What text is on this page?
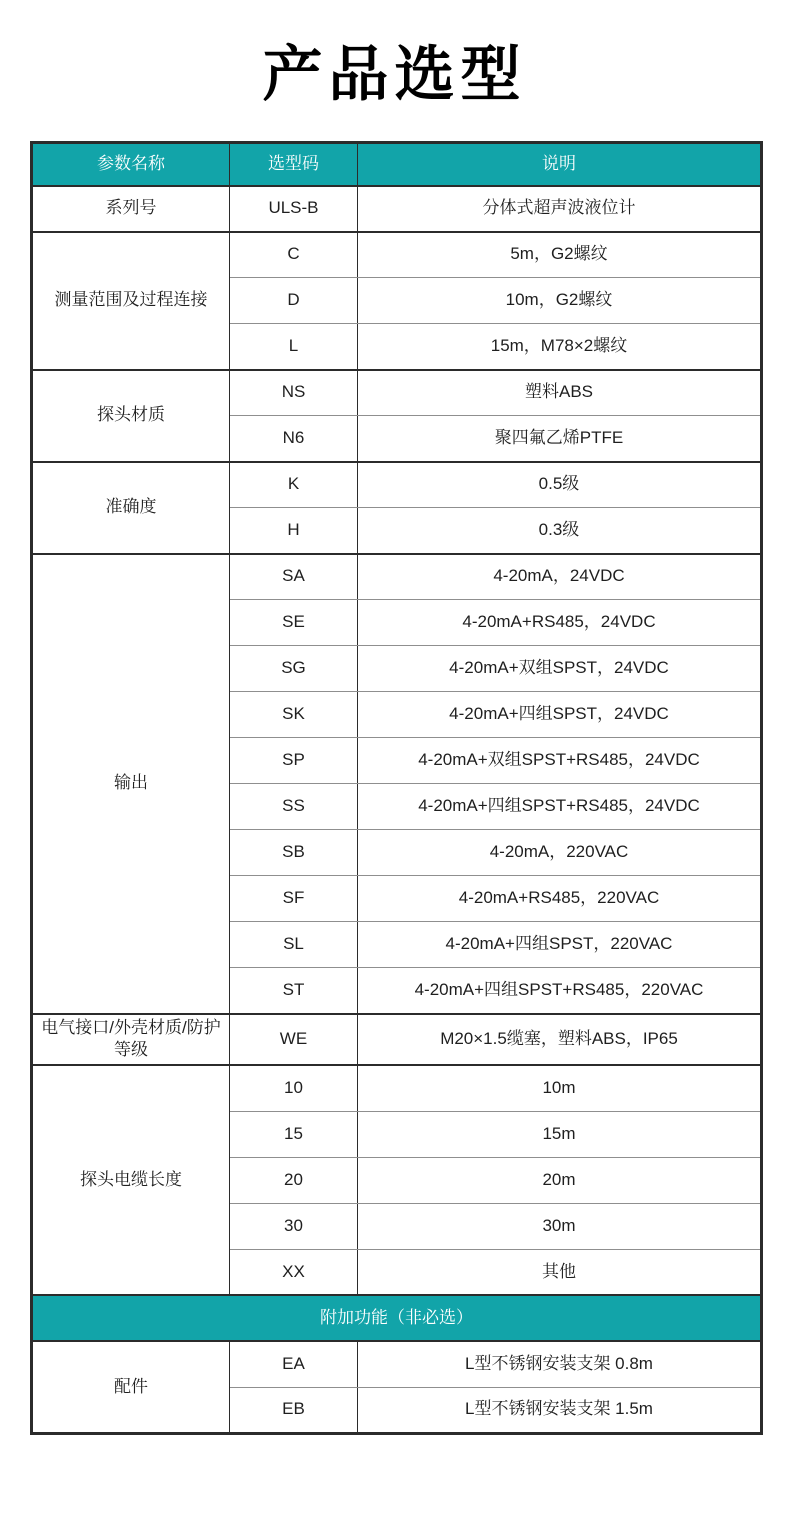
产品选型
参数名称	选型码	说明
系列号	ULS-B	分体式超声波液位计
测量范围及过程连接	C	5m，G2螺纹
	D	10m，G2螺纹
	L	15m，M78×2螺纹
探头材质	NS	塑料ABS
	N6	聚四氟乙烯PTFE
准确度	K	0.5级
	H	0.3级
输出	SA	4-20mA，24VDC
	SE	4-20mA+RS485，24VDC
	SG	4-20mA+双组SPST，24VDC
	SK	4-20mA+四组SPST，24VDC
	SP	4-20mA+双组SPST+RS485，24VDC
	SS	4-20mA+四组SPST+RS485，24VDC
	SB	4-20mA，220VAC
	SF	4-20mA+RS485，220VAC
	SL	4-20mA+四组SPST，220VAC
	ST	4-20mA+四组SPST+RS485，220VAC
电气接口/外壳材质/防护等级	WE	M20×1.5缆塞，塑料ABS，IP65
探头电缆长度	10	10m
	15	15m
	20	20m
	30	30m
	XX	其他
附加功能（非必选）		
配件	EA	L型不锈钢安装支架 0.8m
	EB	L型不锈钢安装支架 1.5m
